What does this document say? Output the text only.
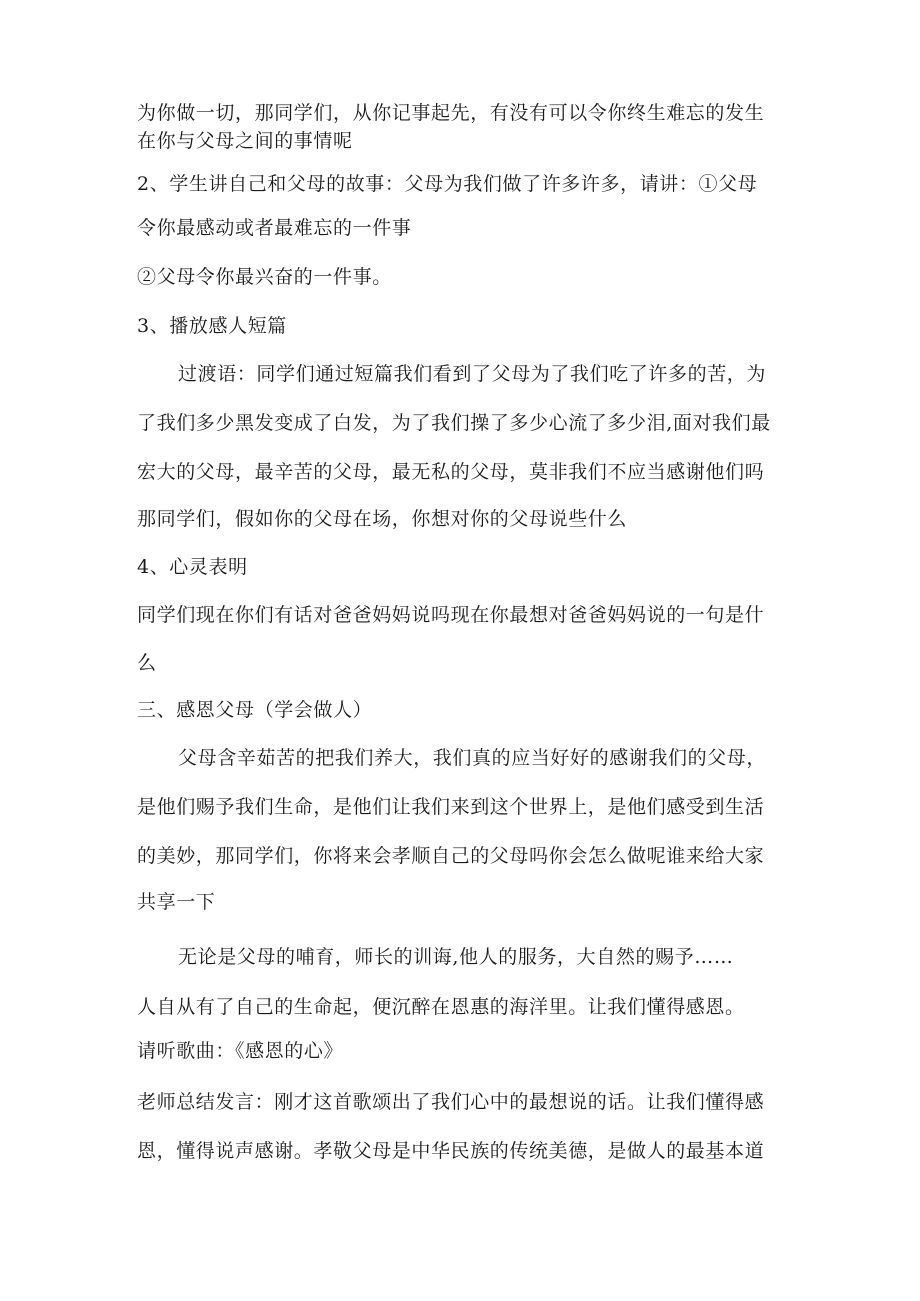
为你做一切，那同学们，从你记事起先，有没有可以令你终生难忘的发生
在你与父母之间的事情呢
2、学生讲自己和父母的故事：父母为我们做了许多许多，请讲：①父母
令你最感动或者最难忘的一件事
②父母令你最兴奋的一件事。
3、播放感人短篇
过渡语：同学们通过短篇我们看到了父母为了我们吃了许多的苦，为
了我们多少黑发变成了白发，为了我们操了多少心流了多少泪,面对我们最
宏大的父母，最辛苦的父母，最无私的父母，莫非我们不应当感谢他们吗
那同学们，假如你的父母在场，你想对你的父母说些什么
4、心灵表明
同学们现在你们有话对爸爸妈妈说吗现在你最想对爸爸妈妈说的一句是什
么
三、感恩父母（学会做人）
父母含辛茹苦的把我们养大，我们真的应当好好的感谢我们的父母，
是他们赐予我们生命，是他们让我们来到这个世界上，是他们感受到生活
的美妙，那同学们，你将来会孝顺自己的父母吗你会怎么做呢谁来给大家
共享一下
无论是父母的哺育，师长的训诲,他人的服务，大自然的赐予……
人自从有了自己的生命起，便沉醉在恩惠的海洋里。让我们懂得感恩。
请听歌曲：《感恩的心》
老师总结发言：刚才这首歌颂出了我们心中的最想说的话。让我们懂得感
恩，懂得说声感谢。孝敬父母是中华民族的传统美德，是做人的最基本道
